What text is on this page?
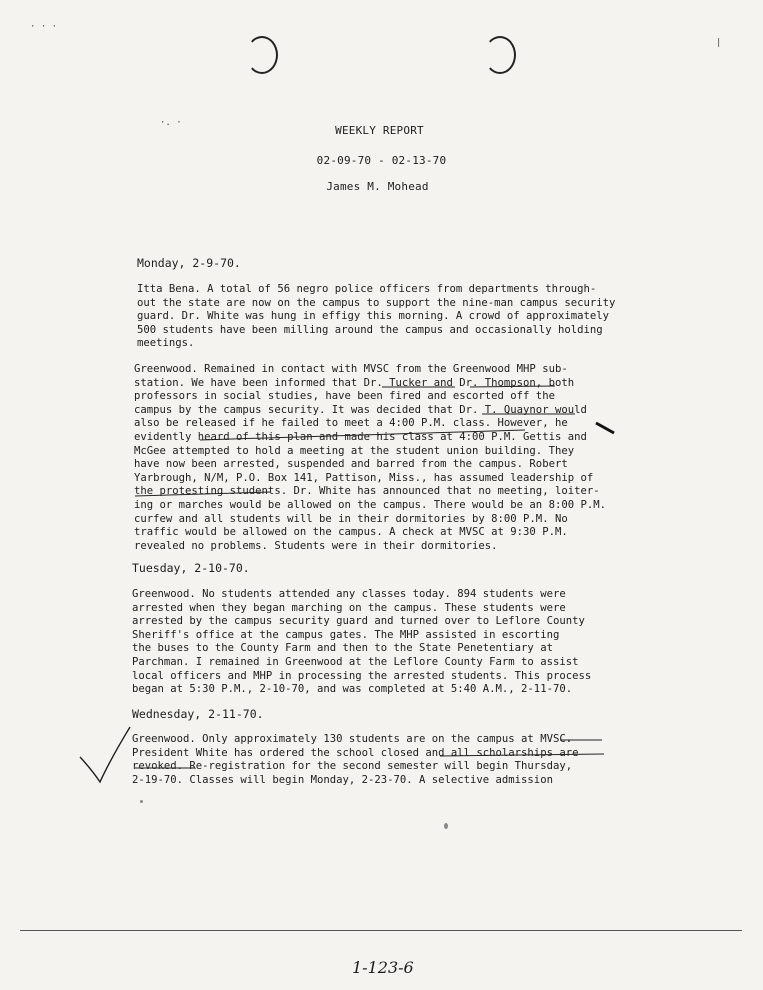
· · ·
|
·. ·
WEEKLY REPORT
02-09-70 - 02-13-70
James M. Mohead
Monday, 2-9-70.
Itta Bena. A total of 56 negro police officers from departments through-
out the state are now on the campus to support the nine-man campus security
guard. Dr. White was hung in effigy this morning. A crowd of approximately
500 students have been milling around the campus and occasionally holding
meetings.
Greenwood. Remained in contact with MVSC from the Greenwood MHP sub-
station. We have been informed that Dr. Tucker and Dr. Thompson, both
professors in social studies, have been fired and escorted off the
campus by the campus security. It was decided that Dr. T. Quaynor would
also be released if he failed to meet a 4:00 P.M. class. However, he
evidently heard of this plan and made his class at 4:00 P.M. Gettis and
McGee attempted to hold a meeting at the student union building. They
have now been arrested, suspended and barred from the campus. Robert
Yarbrough, N/M, P.O. Box 141, Pattison, Miss., has assumed leadership of
the protesting students. Dr. White has announced that no meeting, loiter-
ing or marches would be allowed on the campus. There would be an 8:00 P.M.
curfew and all students will be in their dormitories by 8:00 P.M. No
traffic would be allowed on the campus. A check at MVSC at 9:30 P.M.
revealed no problems. Students were in their dormitories.
Tuesday, 2-10-70.
Greenwood. No students attended any classes today. 894 students were
arrested when they began marching on the campus. These students were
arrested by the campus security guard and turned over to Leflore County
Sheriff's office at the campus gates. The MHP assisted in escorting
the buses to the County Farm and then to the State Penetentiary at
Parchman. I remained in Greenwood at the Leflore County Farm to assist
local officers and MHP in processing the arrested students. This process
began at 5:30 P.M., 2-10-70, and was completed at 5:40 A.M., 2-11-70.
Wednesday, 2-11-70.
Greenwood. Only approximately 130 students are on the campus at MVSC.
President White has ordered the school closed and all scholarships are
revoked. Re-registration for the second semester will begin Thursday,
2-19-70. Classes will begin Monday, 2-23-70. A selective admission
1-123-6
